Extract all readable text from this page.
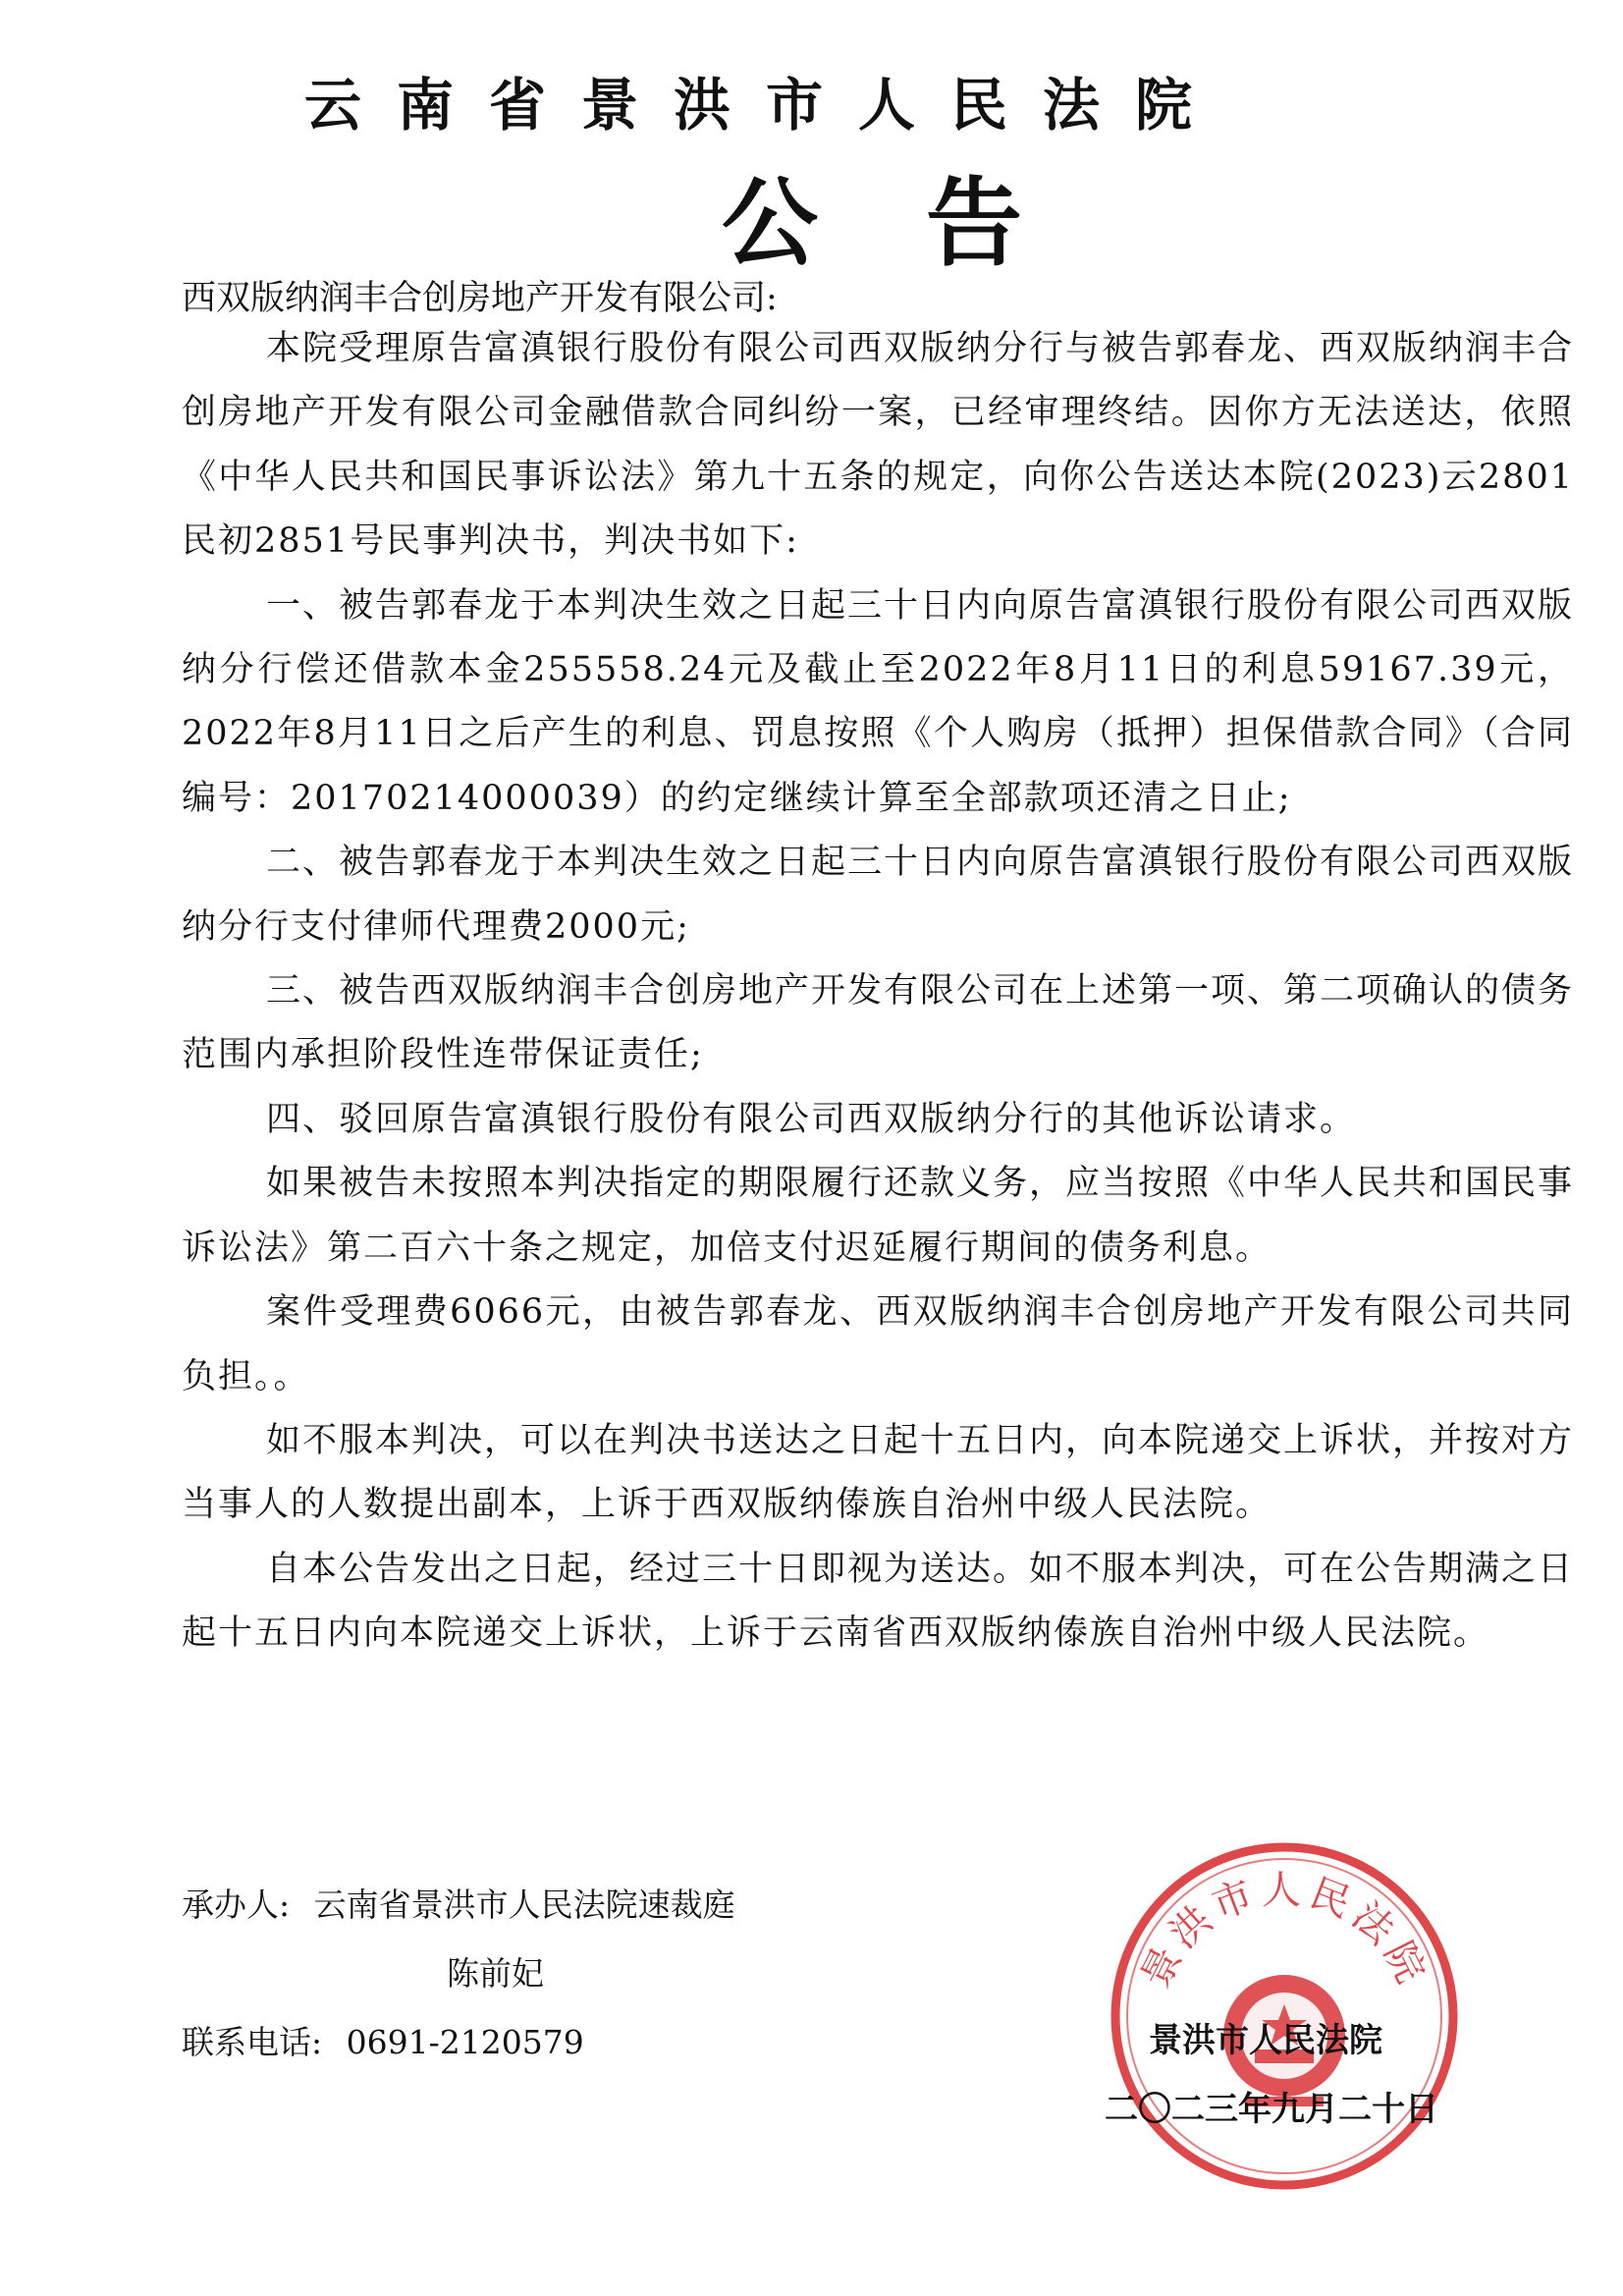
云南省景洪市人民法院
公告
西双版纳润丰合创房地产开发有限公司:

本院受理原告富滇银行股份有限公司西双版纳分行与被告郭春龙、西双版纳润丰合创房地产开发有限公司金融借款合同纠纷一案，已经审理终结。因你方无法送达，依照《中华人民共和国民事诉讼法》第九十五条的规定，向你公告送达本院(2023)云2801民初2851号民事判决书，判决书如下:

一、被告郭春龙于本判决生效之日起三十日内向原告富滇银行股份有限公司西双版纳分行偿还借款本金255558.24元及截止至2022年8月11日的利息59167.39元，2022年8月11日之后产生的利息、罚息按照《个人购房（抵押）担保借款合同》（合同编号：20170214000039）的约定继续计算至全部款项还清之日止;

二、被告郭春龙于本判决生效之日起三十日内向原告富滇银行股份有限公司西双版纳分行支付律师代理费2000元;

三、被告西双版纳润丰合创房地产开发有限公司在上述第一项、第二项确认的债务范围内承担阶段性连带保证责任;

四、驳回原告富滇银行股份有限公司西双版纳分行的其他诉讼请求。

如果被告未按照本判决指定的期限履行还款义务，应当按照《中华人民共和国民事诉讼法》第二百六十条之规定，加倍支付迟延履行期间的债务利息。

案件受理费6066元，由被告郭春龙、西双版纳润丰合创房地产开发有限公司共同负担。。

如不服本判决，可以在判决书送达之日起十五日内，向本院递交上诉状，并按对方当事人的人数提出副本，上诉于西双版纳傣族自治州中级人民法院。

自本公告发出之日起，经过三十日即视为送达。如不服本判决，可在公告期满之日起十五日内向本院递交上诉状，上诉于云南省西双版纳傣族自治州中级人民法院。

承办人: 云南省景洪市人民法院速裁庭
陈前妃
联系电话: 0691-2120579
景洪市人民法院
景洪市人民法院
二〇二三年九月二十日
